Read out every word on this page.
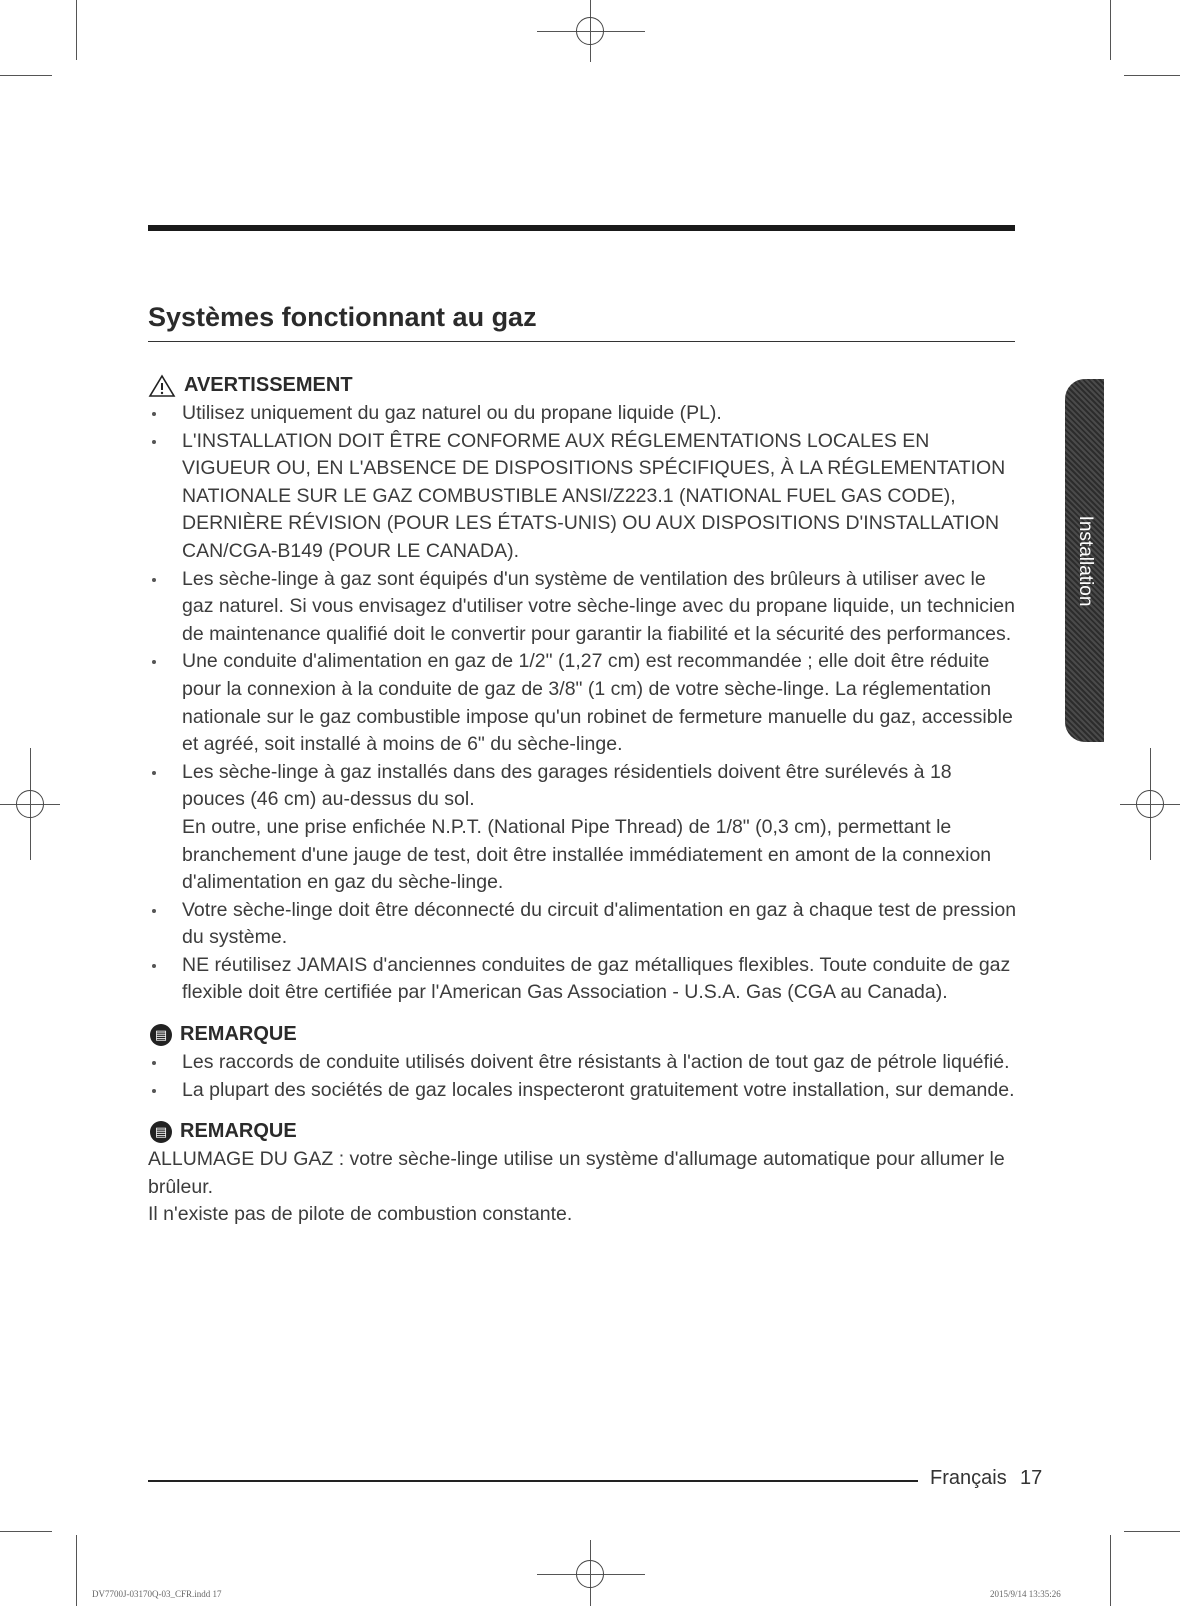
Systèmes fonctionnant au gaz
Installation
AVERTISSEMENT
Utilisez uniquement du gaz naturel ou du propane liquide (PL).
L'INSTALLATION DOIT ÊTRE CONFORME AUX RÉGLEMENTATIONS LOCALES EN VIGUEUR OU, EN L'ABSENCE DE DISPOSITIONS SPÉCIFIQUES, À LA RÉGLEMENTATION NATIONALE SUR LE GAZ COMBUSTIBLE ANSI/Z223.1 (NATIONAL FUEL GAS CODE), DERNIÈRE RÉVISION (POUR LES ÉTATS-UNIS) OU AUX DISPOSITIONS D'INSTALLATION CAN/CGA-B149 (POUR LE CANADA).
Les sèche-linge à gaz sont équipés d'un système de ventilation des brûleurs à utiliser avec le gaz naturel. Si vous envisagez d'utiliser votre sèche-linge avec du propane liquide, un technicien de maintenance qualifié doit le convertir pour garantir la fiabilité et la sécurité des performances.
Une conduite d'alimentation en gaz de 1/2" (1,27 cm) est recommandée ; elle doit être réduite pour la connexion à la conduite de gaz de 3/8" (1 cm) de votre sèche-linge. La réglementation nationale sur le gaz combustible impose qu'un robinet de fermeture manuelle du gaz, accessible et agréé, soit installé à moins de 6" du sèche-linge.
Les sèche-linge à gaz installés dans des garages résidentiels doivent être surélevés à 18 pouces (46 cm) au-dessus du sol.
En outre, une prise enfichée N.P.T. (National Pipe Thread) de 1/8" (0,3 cm), permettant le branchement d'une jauge de test, doit être installée immédiatement en amont de la connexion d'alimentation en gaz du sèche-linge.
Votre sèche-linge doit être déconnecté du circuit d'alimentation en gaz à chaque test de pression du système.
NE réutilisez JAMAIS d'anciennes conduites de gaz métalliques flexibles. Toute conduite de gaz flexible doit être certifiée par l'American Gas Association - U.S.A. Gas (CGA au Canada).
▤ REMARQUE
Les raccords de conduite utilisés doivent être résistants à l'action de tout gaz de pétrole liquéfié.
La plupart des sociétés de gaz locales inspecteront gratuitement votre installation, sur demande.
▤ REMARQUE
ALLUMAGE DU GAZ : votre sèche-linge utilise un système d'allumage automatique pour allumer le brûleur.
Il n'existe pas de pilote de combustion constante.
Français 17
DV7700J-03170Q-03_CFR.indd 17	2015/9/14 13:35:26
